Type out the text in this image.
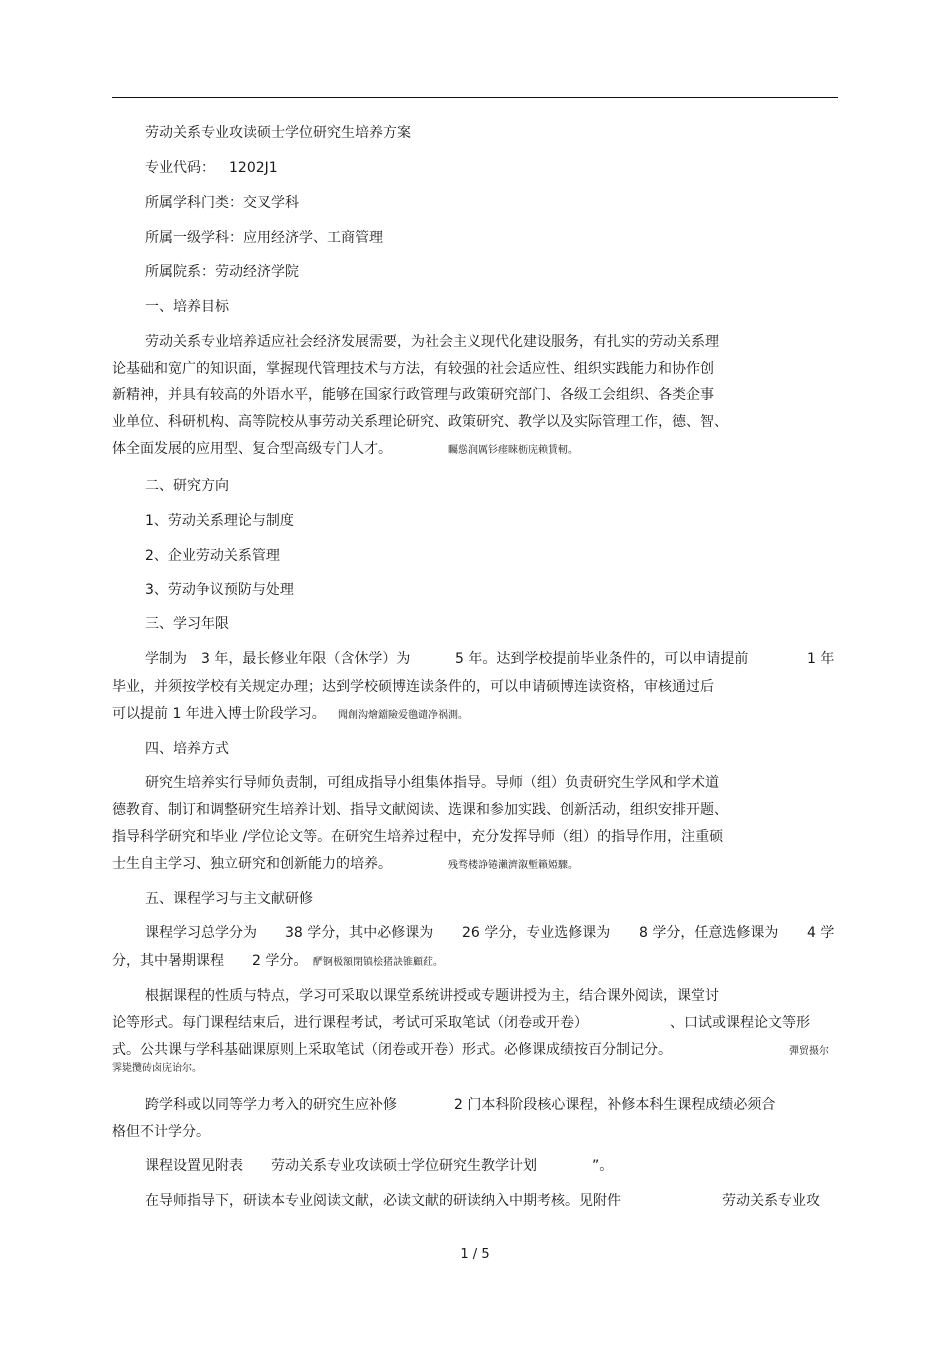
劳动关系专业攻读硕士学位研究生培养方案
专业代码： 1202J1
所属学科门类：交叉学科
所属一级学科：应用经济学、工商管理
所属院系：劳动经济学院
一、培养目标
劳动关系专业培养适应社会经济发展需要，为社会主义现代化建设服务，有扎实的劳动关系理
论基础和宽广的知识面，掌握现代管理技术与方法，有较强的社会适应性、组织实践能力和协作创
新精神，并具有较高的外语水平，能够在国家行政管理与政策研究部门、各级工会组织、各类企事
业单位、科研机构、高等院校从事劳动关系理论研究、政策研究、教学以及实际管理工作，德、智、
体全面发展的应用型、复合型高级专门人才。	矚慫润厲钐瘗睞枥庑赖賃軔。
二、研究方向
1、劳动关系理论与制度
2、企业劳动关系管理
3、劳动争议预防与处理
三、学习年限
学制为 3 年，最长修业年限（含休学）为	5 年。达到学校提前毕业条件的，可以申请提前	1 年
毕业，并须按学校有关规定办理；达到学校硕博连读条件的，可以申请硕博连读资格，审核通过后
可以提前 1 年进入博士阶段学习。 聞創沟燴鐺險爱氇谴净祸測。
四、培养方式
研究生培养实行导师负责制，可组成指导小组集体指导。导师（组）负责研究生学风和学术道
德教育、制订和调整研究生培养计划、指导文献阅读、选课和参加实践、创新活动，组织安排开题、
指导科学研究和毕业 /学位论文等。在研究生培养过程中，充分发挥导师（组）的指导作用，注重硕
士生自主学习、独立研究和创新能力的培养。	残骛楼諍锩瀨濟溆塹籟婭驟。
五、课程学习与主文献研修
课程学习总学分为 38 学分，其中必修课为 26 学分，专业选修课为 8 学分，任意选修课为 4 学
分，其中暑期课程 2 学分。 酽锕极額閉镇桧猪訣锥顧荭。
根据课程的性质与特点，学习可采取以课堂系统讲授或专题讲授为主，结合课外阅读，课堂讨
论等形式。每门课程结束后，进行课程考试，考试可采取笔试（闭卷或开卷）	、口试或课程论文等形
式。公共课与学科基础课原则上采取笔试（闭卷或开卷）形式。必修课成绩按百分制记分。	彈贸摄尔
霁毙攬砖卤庑诒尔。
跨学科或以同等学力考入的研究生应补修	2 门本科阶段核心课程，补修本科生课程成绩必须合
格但不计学分。
课程设置见附表 劳动关系专业攻读硕士学位研究生教学计划	”。
在导师指导下，研读本专业阅读文献，必读文献的研读纳入中期考核。见附件	劳动关系专业攻
1 / 5
